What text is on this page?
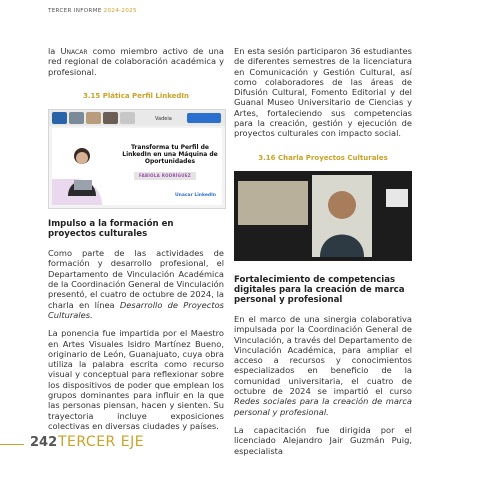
TERCER INFORME 2024-2025

la Unacar como miembro activo de una red regional de colaboración académica y profesional.

3.15 Plática Perfil LinkedIn
Vadeia
Transforma tu Perfil de LinkedIn en una Máquina de Oportunidades
FABIOLA RODRÍGUEZ
Unacar LinkedIn
Impulso a la formación en proyectos culturales

Como parte de las actividades de formación y desarrollo profesional, el Departamento de Vinculación Académica de la Coordinación General de Vinculación presentó, el cuatro de octubre de 2024, la charla en línea Desarrollo de Proyectos Culturales.

La ponencia fue impartida por el Maestro en Artes Visuales Isidro Martínez Bueno, originario de León, Guanajuato, cuya obra utiliza la palabra escrita como recurso visual y conceptual para reflexionar sobre los dispositivos de poder que emplean los grupos dominantes para influir en la que las personas piensan, hacen y sienten. Su trayectoria incluye exposiciones colectivas en diversas ciudades y países.

En esta sesión participaron 36 estudiantes de diferentes semestres de la licenciatura en Comunicación y Gestión Cultural, así como colaboradores de las áreas de Difusión Cultural, Fomento Editorial y del Guanal Museo Universitario de Ciencias y Artes, fortaleciendo sus competencias para la creación, gestión y ejecución de proyectos culturales con impacto social.

3.16 Charla Proyectos Culturales
Fortalecimiento de competencias digitales para la creación de marca personal y profesional

En el marco de una sinergia colaborativa impulsada por la Coordinación General de Vinculación, a través del Departamento de Vinculación Académica, para ampliar el acceso a recursos y conocimientos especializados en beneficio de la comunidad universitaria, el cuatro de octubre de 2024 se impartió el curso Redes sociales para la creación de marca personal y profesional.

La capacitación fue dirigida por el licenciado Alejandro Jair Guzmán Puig, especialista

242 TERCER EJE
